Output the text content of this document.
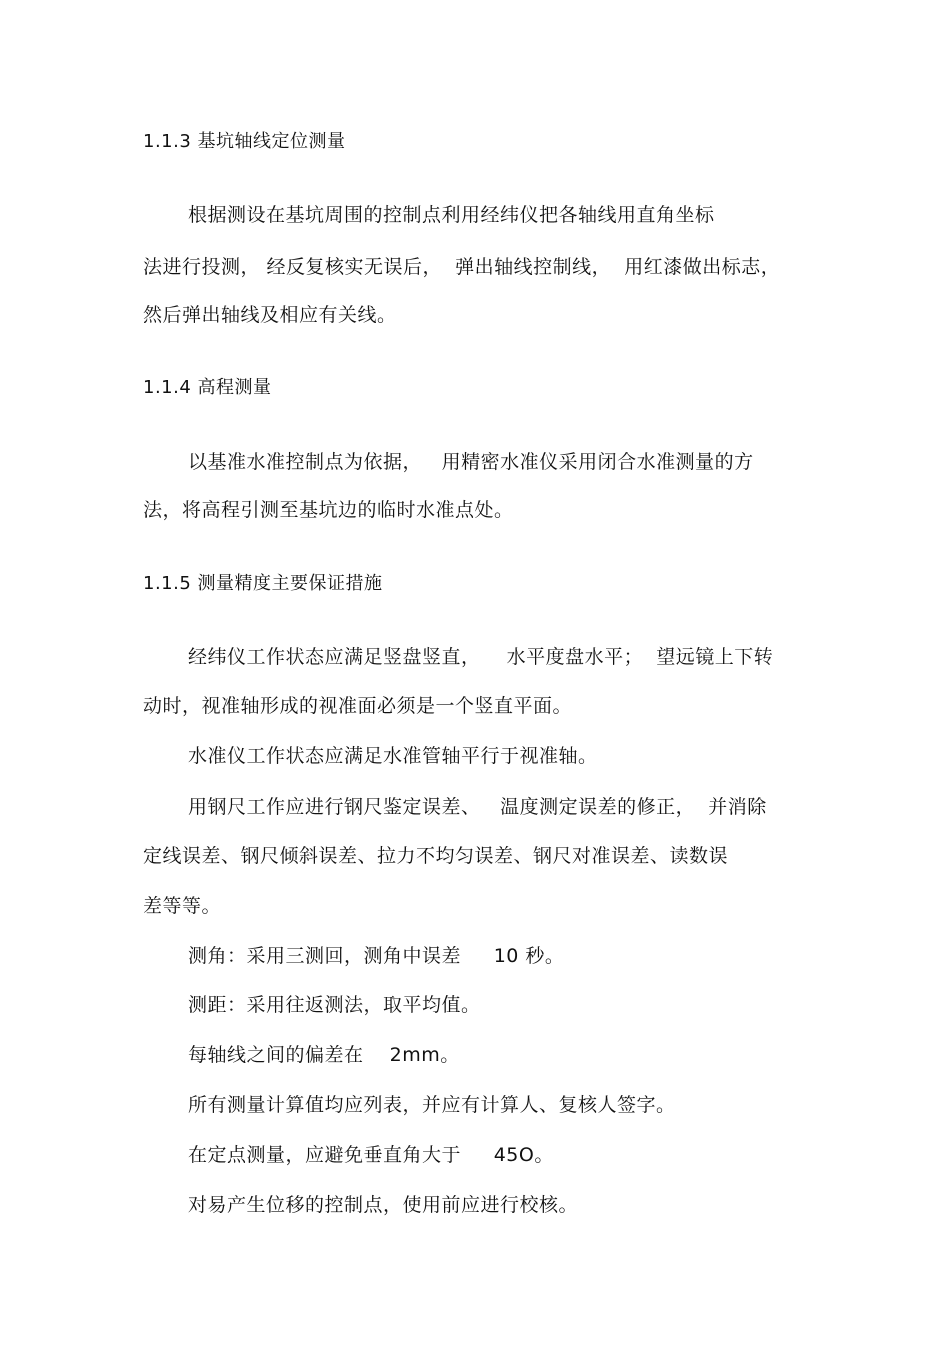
1.1.3 基坑轴线定位测量
根据测设在基坑周围的控制点利用经纬仪把各轴线用直角坐标
法进行投测， 经反复核实无误后，  弹出轴线控制线，  用红漆做出标志，
然后弹出轴线及相应有关线。
1.1.4 高程测量
以基准水准控制点为依据，   用精密水准仪采用闭合水准测量的方
法，将高程引测至基坑边的临时水准点处。
1.1.5 测量精度主要保证措施
经纬仪工作状态应满足竖盘竖直，    水平度盘水平；  望远镜上下转
动时，视准轴形成的视准面必须是一个竖直平面。
水准仪工作状态应满足水准管轴平行于视准轴。
用钢尺工作应进行钢尺鉴定误差、   温度测定误差的修正，  并消除
定线误差、钢尺倾斜误差、拉力不均匀误差、钢尺对准误差、读数误
差等等。
测角：采用三测回，测角中误差     10 秒。
测距：采用往返测法，取平均值。
每轴线之间的偏差在    2mm。
所有测量计算值均应列表，并应有计算人、复核人签字。
在定点测量，应避免垂直角大于     45O。
对易产生位移的控制点，使用前应进行校核。
